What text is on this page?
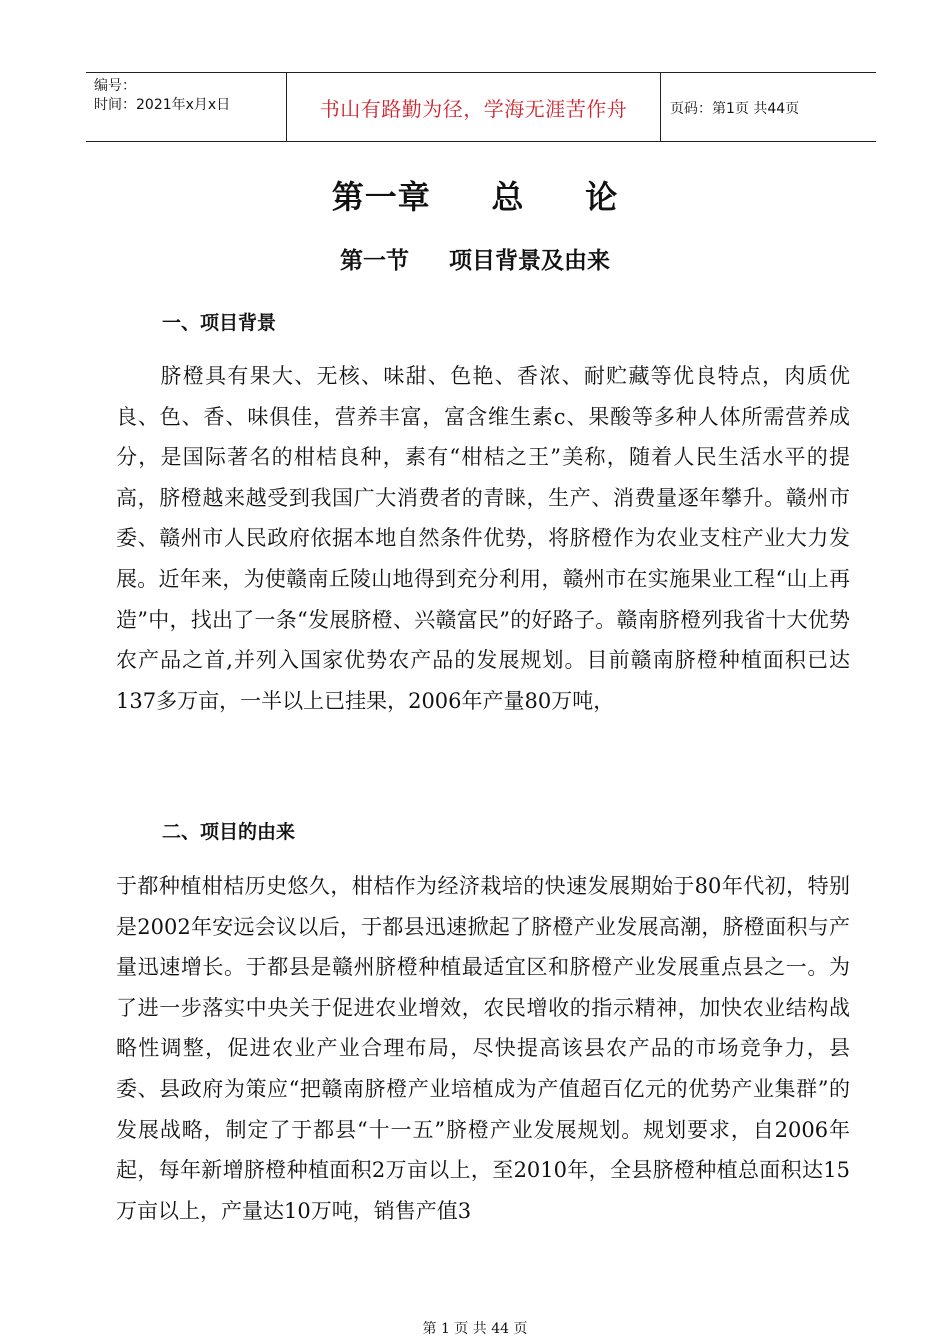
编号：
时间：2021年x月x日	书山有路勤为径，学海无涯苦作舟	页码：第1页 共44页
第一章     总     论
第一节     项目背景及由来
一、项目背景

　　脐橙具有果大、无核、味甜、色艳、香浓、耐贮藏等优良特点，肉质优良、色、香、味俱佳，营养丰富，富含维生素c、果酸等多种人体所需营养成分，是国际著名的柑桔良种，素有“柑桔之王”美称，随着人民生活水平的提高，脐橙越来越受到我国广大消费者的青睐，生产、消费量逐年攀升。赣州市委、赣州市人民政府依据本地自然条件优势，将脐橙作为农业支柱产业大力发展。近年来，为使赣南丘陵山地得到充分利用，赣州市在实施果业工程“山上再造”中，找出了一条“发展脐橙、兴赣富民”的好路子。赣南脐橙列我省十大优势农产品之首,并列入国家优势农产品的发展规划。目前赣南脐橙种植面积已达137多万亩，一半以上已挂果，2006年产量80万吨，

二、项目的由来

于都种植柑桔历史悠久，柑桔作为经济栽培的快速发展期始于80年代初，特别是2002年安远会议以后，于都县迅速掀起了脐橙产业发展高潮，脐橙面积与产量迅速增长。于都县是赣州脐橙种植最适宜区和脐橙产业发展重点县之一。为了进一步落实中央关于促进农业增效，农民增收的指示精神，加快农业结构战略性调整，促进农业产业合理布局，尽快提高该县农产品的市场竞争力，县委、县政府为策应“把赣南脐橙产业培植成为产值超百亿元的优势产业集群”的发展战略，制定了于都县“十一五”脐橙产业发展规划。规划要求，自2006年起，每年新增脐橙种植面积2万亩以上，至2010年，全县脐橙种植总面积达15万亩以上，产量达10万吨，销售产值3

第 1 页 共 44 页
